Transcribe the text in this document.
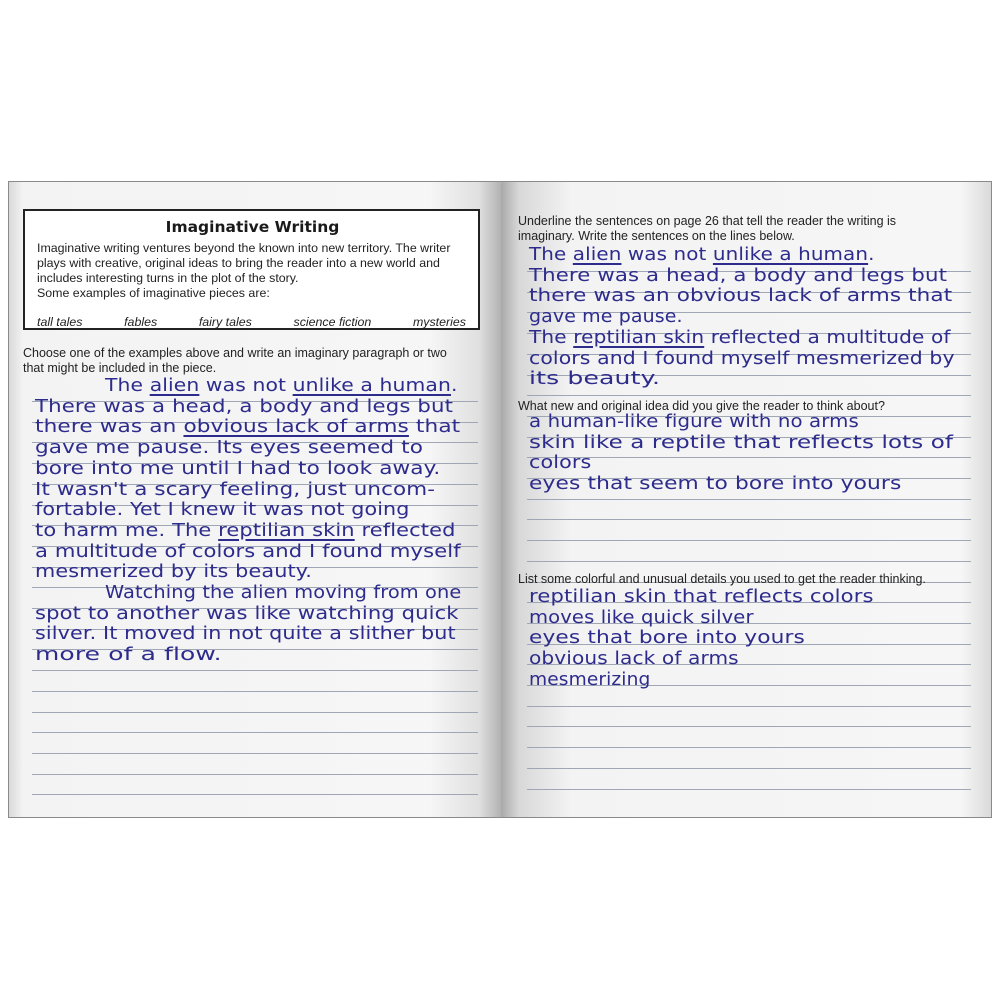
Imaginative Writing
Imaginative writing ventures beyond the known into new territory. The writer
plays with creative, original ideas to bring the reader into a new world and
includes interesting turns in the plot of the story.
Some examples of imaginative pieces are:
tall tales	fables	fairy tales	science fiction	mysteries
Choose one of the examples above and write an imaginary paragraph or two
that might be included in the piece.
The alien was not unlike a human.
There was a head, a body and legs but
there was an obvious lack of arms that
gave me pause. Its eyes seemed to
bore into me until I had to look away.
It wasn't a scary feeling, just uncom-
fortable. Yet I knew it was not going
to harm me. The reptilian skin reflected
a multitude of colors and I found myself
mesmerized by its beauty.
Watching the alien moving from one
spot to another was like watching quick
silver. It moved in not quite a slither but
more of a flow.
Underline the sentences on page 26 that tell the reader the writing is
imaginary. Write the sentences on the lines below.
The alien was not unlike a human.
There was a head, a body and legs but
there was an obvious lack of arms that
gave me pause.
The reptilian skin reflected a multitude of
colors and I found myself mesmerized by
its beauty.
What new and original idea did you give the reader to think about?
a human-like figure with no arms
skin like a reptile that reflects lots of
colors
eyes that seem to bore into yours
List some colorful and unusual details you used to get the reader thinking.
reptilian skin that reflects colors
moves like quick silver
eyes that bore into yours
obvious lack of arms
mesmerizing
